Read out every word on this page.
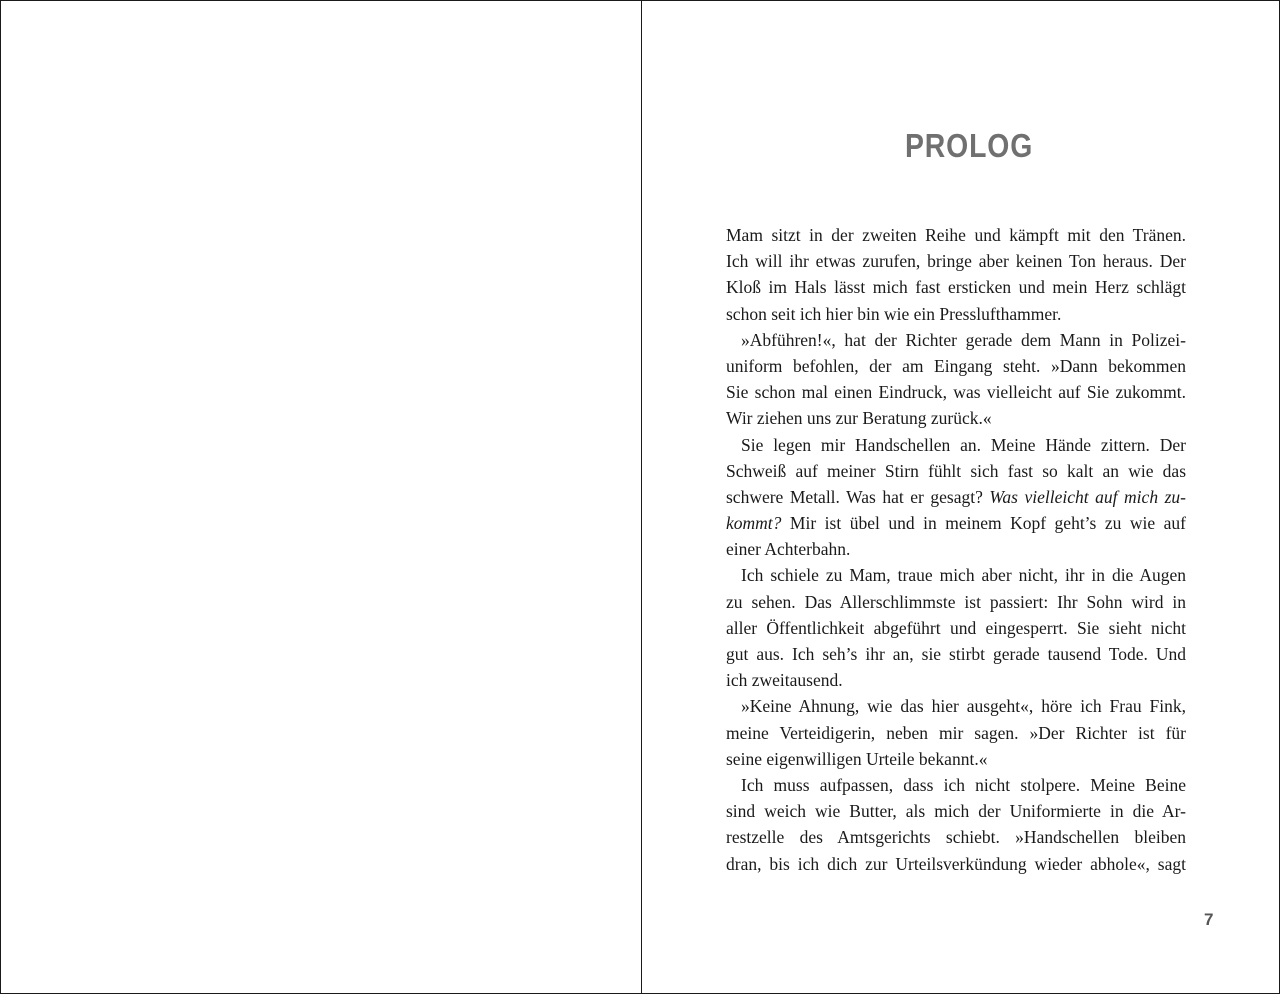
PROLOG
Mam sitzt in der zweiten Reihe und kämpft mit den Tränen.
Ich will ihr etwas zurufen, bringe aber keinen Ton heraus. Der
Kloß im Hals lässt mich fast ersticken und mein Herz schlägt
schon seit ich hier bin wie ein Presslufthammer.
»Abführen!«, hat der Richter gerade dem Mann in Polizei-
uniform befohlen, der am Eingang steht. »Dann bekommen
Sie schon mal einen Eindruck, was vielleicht auf Sie zukommt.
Wir ziehen uns zur Beratung zurück.«
Sie legen mir Handschellen an. Meine Hände zittern. Der
Schweiß auf meiner Stirn fühlt sich fast so kalt an wie das
schwere Metall. Was hat er gesagt? Was vielleicht auf mich zu-
kommt? Mir ist übel und in meinem Kopf geht’s zu wie auf
einer Achterbahn.
Ich schiele zu Mam, traue mich aber nicht, ihr in die Augen
zu sehen. Das Allerschlimmste ist passiert: Ihr Sohn wird in
aller Öffentlichkeit abgeführt und eingesperrt. Sie sieht nicht
gut aus. Ich seh’s ihr an, sie stirbt gerade tausend Tode. Und
ich zweitausend.
»Keine Ahnung, wie das hier ausgeht«, höre ich Frau Fink,
meine Verteidigerin, neben mir sagen. »Der Richter ist für
seine eigenwilligen Urteile bekannt.«
Ich muss aufpassen, dass ich nicht stolpere. Meine Beine
sind weich wie Butter, als mich der Uniformierte in die Ar-
restzelle des Amtsgerichts schiebt. »Handschellen bleiben
dran, bis ich dich zur Urteilsverkündung wieder abhole«, sagt

7
